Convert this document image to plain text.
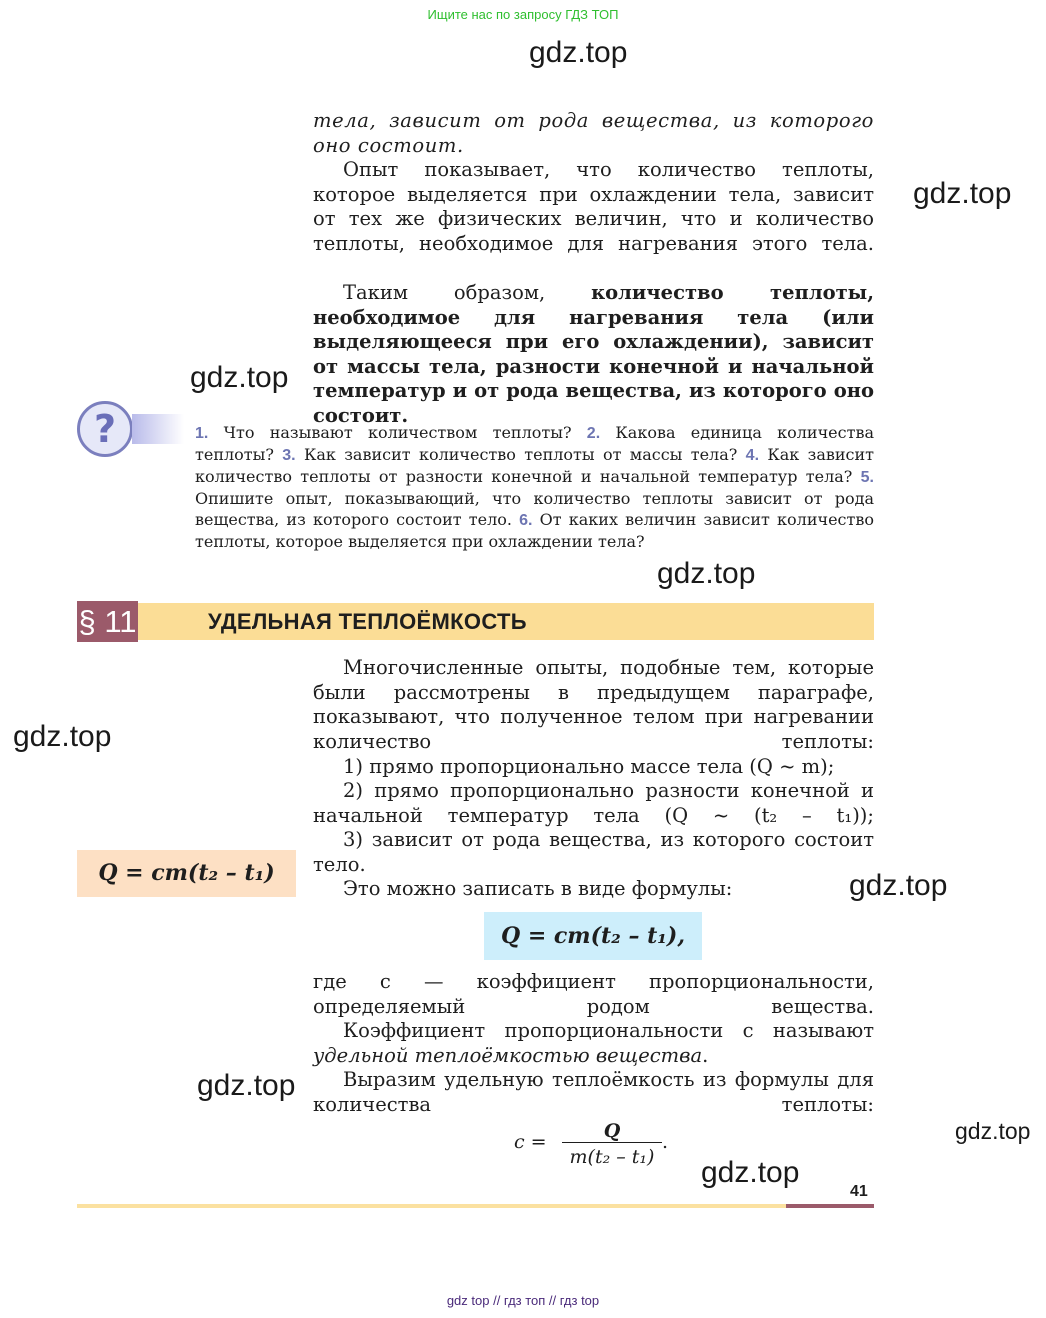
Ищите нас по запросу ГДЗ ТОП
gdz.top
gdz.top
gdz.top
gdz.top
gdz.top
gdz.top
gdz.top
gdz.top
gdz.top
тела, зависит от рода вещества, из которого оно состоит.
Опыт показывает, что количество теплоты, которое выделяется при охлаждении тела, зависит от тех же физических величин, что и количество теплоты, необходимое для нагревания этого тела.
Таким образом, количество теплоты, необходимое для нагревания тела (или выделяющееся при его охлаждении), зависит от массы тела, разности конечной и начальной температур и от рода вещества, из которого оно состоит.
?	1. Что называют количеством теплоты? 2. Какова единица количества теплоты? 3. Как зависит количество теплоты от массы тела? 4. Как зависит количество теплоты от разности конечной и начальной температур тела? 5. Опишите опыт, показывающий, что количество теплоты зависит от рода вещества, из которого состоит тело. 6. От каких величин зависит количество теплоты, которое выделяется при охлаждении тела?
§ 11	УДЕЛЬНАЯ ТЕПЛОЁМКОСТЬ
Многочисленные опыты, подобные тем, которые были рассмотрены в предыдущем параграфе, показывают, что полученное телом при нагревании количество теплоты:
1) прямо пропорционально массе тела (Q ~ m);
2) прямо пропорционально разности конечной и начальной температур тела (Q ~ (t₂ – t₁));
3) зависит от рода вещества, из которого состоит тело.
Это можно записать в виде формулы:
Q = cm(t₂ – t₁)
Q = cm(t₂ – t₁),
где c — коэффициент пропорциональности, определяемый родом вещества.
Коэффициент пропорциональности c называют удельной теплоёмкостью вещества.
Выразим удельную теплоёмкость из формулы для количества теплоты:
c =	Q
m(t₂ – t₁)
.
41
gdz top // гдз топ // гдз top
